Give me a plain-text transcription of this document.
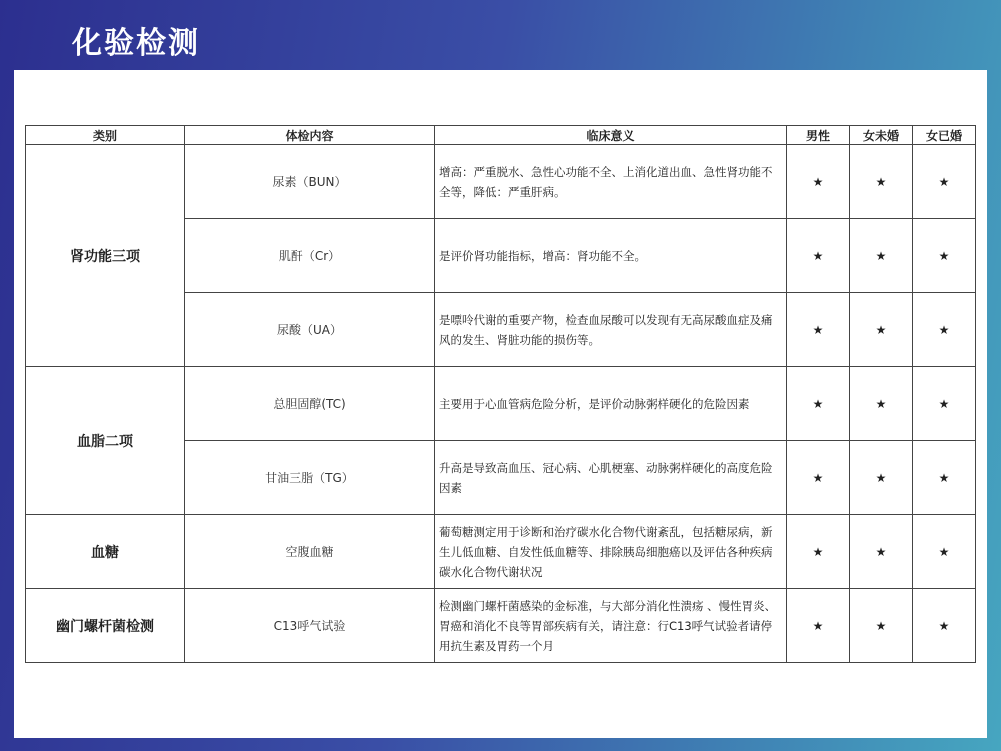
化验检测
类别	体检内容	临床意义	男性	女未婚	女已婚
肾功能三项	尿素（BUN）	增高：严重脱水、急性心功能不全、上消化道出血、急性肾功能不全等，降低：严重肝病。	★	★	★
	肌酐（Cr）	是评价肾功能指标，增高：肾功能不全。	★	★	★
	尿酸（UA）	是嘌呤代谢的重要产物，检查血尿酸可以发现有无高尿酸血症及痛风的发生、肾脏功能的损伤等。	★	★	★
血脂二项	总胆固醇(TC)	主要用于心血管病危险分析，是评价动脉粥样硬化的危险因素	★	★	★
	甘油三脂（TG）	升高是导致高血压、冠心病、心肌梗塞、动脉粥样硬化的高度危险因素	★	★	★
血糖	空腹血糖	葡萄糖测定用于诊断和治疗碳水化合物代谢紊乱，包括糖尿病，新生儿低血糖、自发性低血糖等、排除胰岛细胞癌以及评估各种疾病碳水化合物代谢状况	★	★	★
幽门螺杆菌检测	C13呼气试验	检测幽门螺杆菌感染的金标准，与大部分消化性溃疡 、慢性胃炎、胃癌和消化不良等胃部疾病有关，请注意：行C13呼气试验者请停用抗生素及胃药一个月	★	★	★
